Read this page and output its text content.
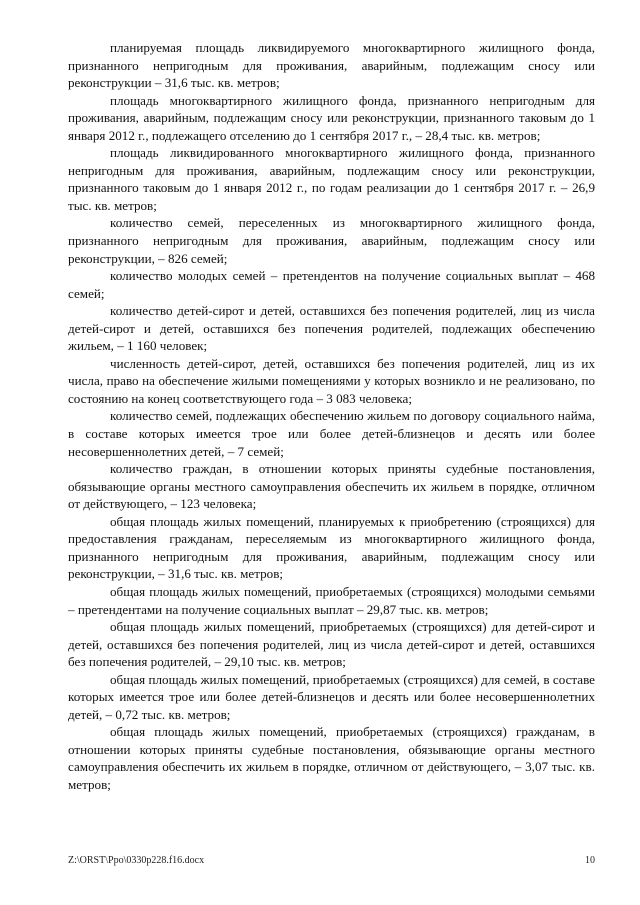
планируемая площадь ликвидируемого многоквартирного жилищного фонда, признанного непригодным для проживания, аварийным, подлежащим сносу или реконструкции – 31,6 тыс. кв. метров;

площадь многоквартирного жилищного фонда, признанного непригодным для проживания, аварийным, подлежащим сносу или реконструкции, признанного таковым до 1 января 2012 г., подлежащего отселению до 1 сентября 2017 г., – 28,4 тыс. кв. метров;

площадь ликвидированного многоквартирного жилищного фонда, признанного непригодным для проживания, аварийным, подлежащим сносу или реконструкции, признанного таковым до 1 января 2012 г., по годам реализации до 1 сентября 2017 г. – 26,9 тыс. кв. метров;

количество семей, переселенных из многоквартирного жилищного фонда, признанного непригодным для проживания, аварийным, подлежащим сносу или реконструкции, – 826 семей;

количество молодых семей – претендентов на получение социальных выплат – 468 семей;

количество детей-сирот и детей, оставшихся без попечения родителей, лиц из числа детей-сирот и детей, оставшихся без попечения родителей, подлежащих обеспечению жильем, – 1 160 человек;

численность детей-сирот, детей, оставшихся без попечения родителей, лиц из их числа, право на обеспечение жилыми помещениями у которых возникло и не реализовано, по состоянию на конец соответствующего года – 3 083 человека;

количество семей, подлежащих обеспечению жильем по договору социального найма, в составе которых имеется трое или более детей-близнецов и десять или более несовершеннолетних детей, – 7 семей;

количество граждан, в отношении которых приняты судебные постановления, обязывающие органы местного самоуправления обеспечить их жильем в порядке, отличном от действующего, – 123 человека;

общая площадь жилых помещений, планируемых к приобретению (строящихся) для предоставления гражданам, переселяемым из многоквартирного жилищного фонда, признанного непригодным для проживания, аварийным, подлежащим сносу или реконструкции, – 31,6 тыс. кв. метров;

общая площадь жилых помещений, приобретаемых (строящихся) молодыми семьями – претендентами на получение социальных выплат – 29,87 тыс. кв. метров;

общая площадь жилых помещений, приобретаемых (строящихся) для детей-сирот и детей, оставшихся без попечения родителей, лиц из числа детей-сирот и детей, оставшихся без попечения родителей, – 29,10 тыс. кв. метров;

общая площадь жилых помещений, приобретаемых (строящихся) для семей, в составе которых имеется трое или более детей-близнецов и десять или более несовершеннолетних детей, – 0,72 тыс. кв. метров;

общая площадь жилых помещений, приобретаемых (строящихся) гражданам, в отношении которых приняты судебные постановления, обязывающие органы местного самоуправления обеспечить их жильем в порядке, отличном от действующего, – 3,07 тыс. кв. метров;

Z:\ORST\Ppo\0330p228.f16.docx	10
